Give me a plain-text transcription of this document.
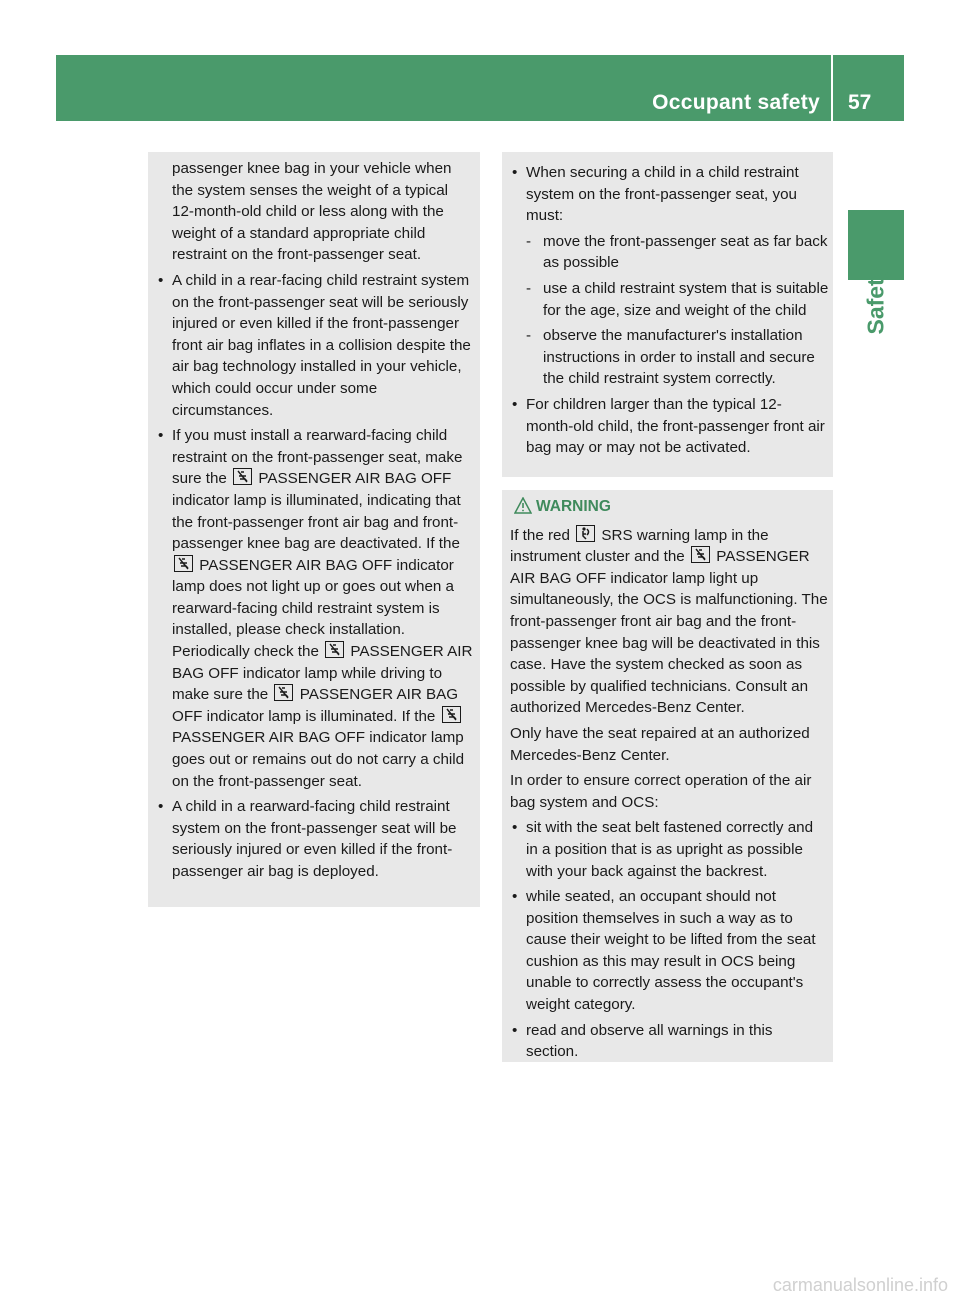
Occupant safety 57
Safety

passenger knee bag in your vehicle when the system senses the weight of a typical 12-month-old child or less along with the weight of a standard appropriate child restraint on the front-passenger seat.

• A child in a rear-facing child restraint system on the front-passenger seat will be seriously injured or even killed if the front-passenger front air bag inflates in a collision despite the air bag technology installed in your vehicle, which could occur under some circumstances.

• If you must install a rearward-facing child restraint on the front-passenger seat, make sure the PASSENGER AIR BAG OFF indicator lamp is illuminated, indicating that the front-passenger front air bag and front-passenger knee bag are deactivated. If the
PASSENGER AIR BAG OFF indicator lamp does not light up or goes out when a rearward-facing child restraint system is installed, please check installation. Periodically check the PASSENGER AIR BAG OFF indicator lamp while driving to make sure the PASSENGER AIR BAG OFF indicator lamp is illuminated. If the
PASSENGER AIR BAG OFF indicator lamp goes out or remains out do not carry a child on the front-passenger seat.

• A child in a rearward-facing child restraint system on the front-passenger seat will be seriously injured or even killed if the front-passenger air bag is deployed.

• When securing a child in a child restraint system on the front-passenger seat, you must:

- move the front-passenger seat as far back as possible

- use a child restraint system that is suitable for the age, size and weight of the child

- observe the manufacturer's installation instructions in order to install and secure the child restraint system correctly.

• For children larger than the typical 12-month-old child, the front-passenger front air bag may or may not be activated.

WARNING

If the red SRS warning lamp in the instrument cluster and the PASSENGER AIR BAG OFF indicator lamp light up simultaneously, the OCS is malfunctioning. The front-passenger front air bag and the front-passenger knee bag will be deactivated in this case. Have the system checked as soon as possible by qualified technicians. Consult an authorized Mercedes-Benz Center.

Only have the seat repaired at an authorized Mercedes-Benz Center.

In order to ensure correct operation of the air bag system and OCS:

• sit with the seat belt fastened correctly and in a position that is as upright as possible with your back against the backrest.

• while seated, an occupant should not position themselves in such a way as to cause their weight to be lifted from the seat cushion as this may result in OCS being unable to correctly assess the occupant's weight category.

• read and observe all warnings in this section.

carmanualsonline.info
